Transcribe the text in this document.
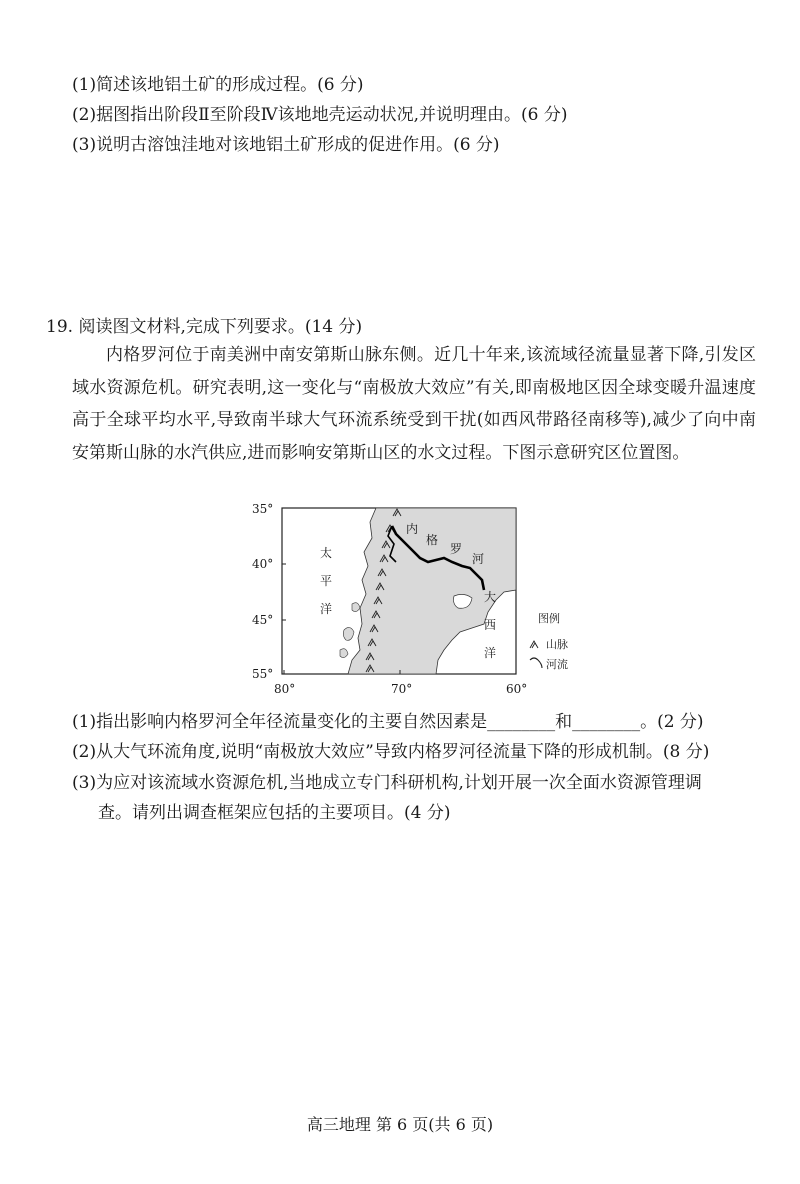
(1)简述该地铝土矿的形成过程。(6 分)
(2)据图指出阶段Ⅱ至阶段Ⅳ该地地壳运动状况,并说明理由。(6 分)
(3)说明古溶蚀洼地对该地铝土矿形成的促进作用。(6 分)
19. 阅读图文材料,完成下列要求。(14 分)
内格罗河位于南美洲中南安第斯山脉东侧。近几十年来,该流域径流量显著下降,引发区域水资源危机。研究表明,这一变化与“南极放大效应”有关,即南极地区因全球变暖升温速度高于全球平均水平,导致南半球大气环流系统受到干扰(如西风带路径南移等),减少了向中南安第斯山脉的水汽供应,进而影响安第斯山区的水文过程。下图示意研究区位置图。
35°
40°
45°
55°
80°	70°	60°
太
平
洋
大
西
洋
内
格
罗
河
图例
山脉
河流
(1)指出影响内格罗河全年径流量变化的主要自然因素是________和________。(2 分)
(2)从大气环流角度,说明“南极放大效应”导致内格罗河径流量下降的形成机制。(8 分)
(3)为应对该流域水资源危机,当地成立专门科研机构,计划开展一次全面水资源管理调
查。请列出调查框架应包括的主要项目。(4 分)
高三地理 第 6 页(共 6 页)
